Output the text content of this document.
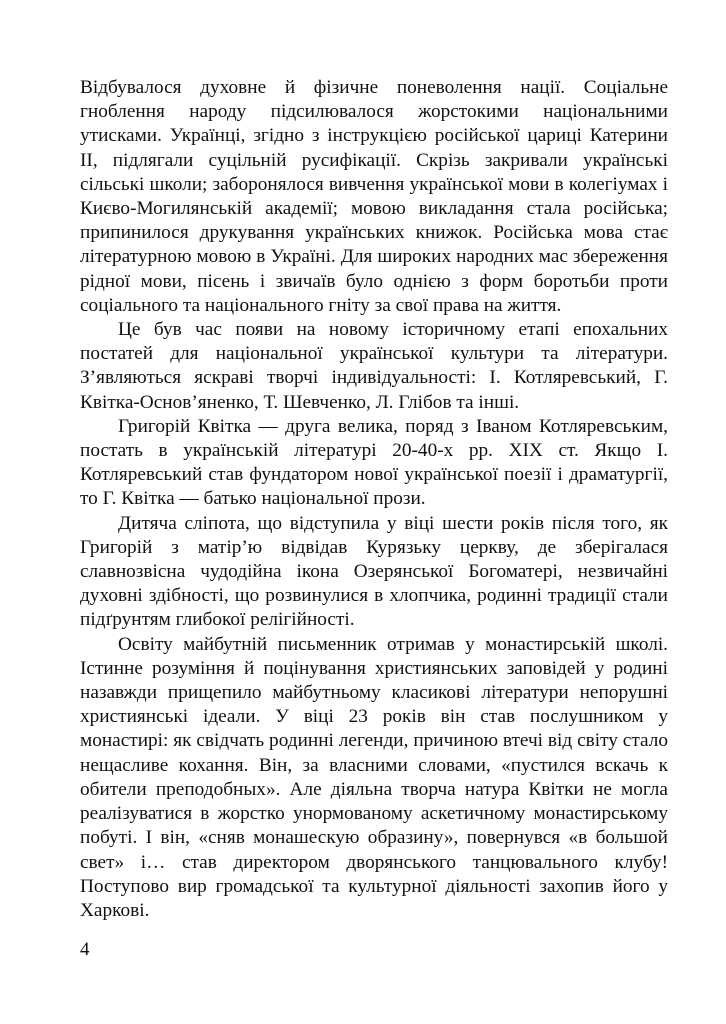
Відбувалося духовне й фізичне поневолення нації. Соціальне гноблення народу підсилювалося жорстокими національними утисками. Українці, згідно з інструкцією російської цариці Катерини ІІ, підлягали суцільній русифікації. Скрізь закривали українські сільські школи; заборонялося вивчення української мови в колегіумах і Києво-Могилянській академії; мовою викладання стала російська; припинилося друкування українських книжок. Російська мова стає літературною мовою в Україні. Для широких народних мас збереження рідної мови, пісень і звичаїв було однією з форм боротьби проти соціального та національного гніту за свої права на життя.

Це був час появи на новому історичному етапі епохальних постатей для національної української культури та літератури. З’являються яскраві творчі індивідуальності: І. Котляревський, Г. Квітка-Основ’яненко, Т. Шевченко, Л. Глібов та інші.

Григорій Квітка — друга велика, поряд з Іваном Котляревським, постать в українській літературі 20-40-х рр. ХІХ ст. Якщо І. Котляревський став фундатором нової української поезії і драматургії, то Г. Квітка — батько національної прози.

Дитяча сліпота, що відступила у віці шести років після того, як Григорій з матір’ю відвідав Курязьку церкву, де зберігалася славнозвісна чудодійна ікона Озерянської Богоматері, незвичайні духовні здібності, що розвинулися в хлопчика, родинні традиції стали підґрунтям глибокої релігійності.

Освіту майбутній письменник отримав у монастирській школі. Істинне розуміння й поцінування християнських заповідей у родині назавжди прищепило майбутньому класикові літератури непорушні християнські ідеали. У віці 23 років він став послушником у монастирі: як свідчать родинні легенди, причиною втечі від світу стало нещасливе кохання. Він, за власними словами, «пустился вскачь к обители преподобных». Але діяльна творча натура Квітки не могла реалізуватися в жорстко унормованому аскетичному монастирському побуті. І він, «сняв монашескую образину», повернувся «в большой свет» і… став директором дворянського танцювального клубу! Поступово вир громадської та культурної діяльності захопив його у Харкові.

4
